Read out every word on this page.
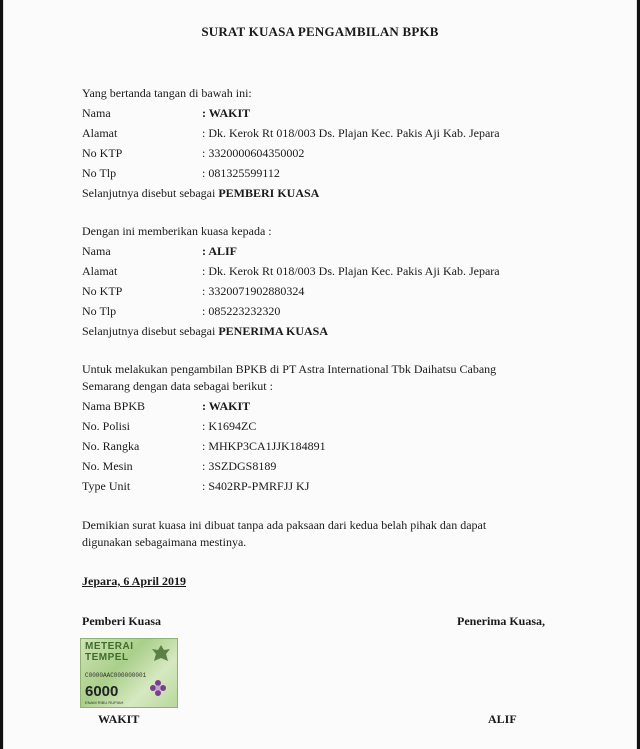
SURAT KUASA PENGAMBILAN BPKB
Yang bertanda tangan di bawah ini:
Nama	: WAKIT
Alamat	: Dk. Kerok Rt 018/003 Ds. Plajan Kec. Pakis Aji Kab. Jepara
No KTP	: 3320000604350002
No Tlp	: 081325599112
Selanjutnya disebut sebagai PEMBERI KUASA
Dengan ini memberikan kuasa kepada :
Nama	: ALIF
Alamat	: Dk. Kerok Rt 018/003 Ds. Plajan Kec. Pakis Aji Kab. Jepara
No KTP	: 3320071902880324
No Tlp	: 085223232320
Selanjutnya disebut sebagai PENERIMA KUASA
Untuk melakukan pengambilan BPKB di PT Astra International Tbk Daihatsu Cabang
Semarang dengan data sebagai berikut :
Nama BPKB	: WAKIT
No. Polisi	: K1694ZC
No. Rangka	: MHKP3CA1JJK184891
No. Mesin	: 3SZDGS8189
Type Unit	: S402RP-PMRFJJ KJ
Demikian surat kuasa ini dibuat tanpa ada paksaan dari kedua belah pihak dan dapat
digunakan sebagaimana mestinya.
Jepara, 6 April 2019
Pemberi Kuasa	Penerima Kuasa,
METERAI
TEMPEL
C0000AAC000000001
6000
ENAM RIBU RUPIAH
WAKIT	ALIF
